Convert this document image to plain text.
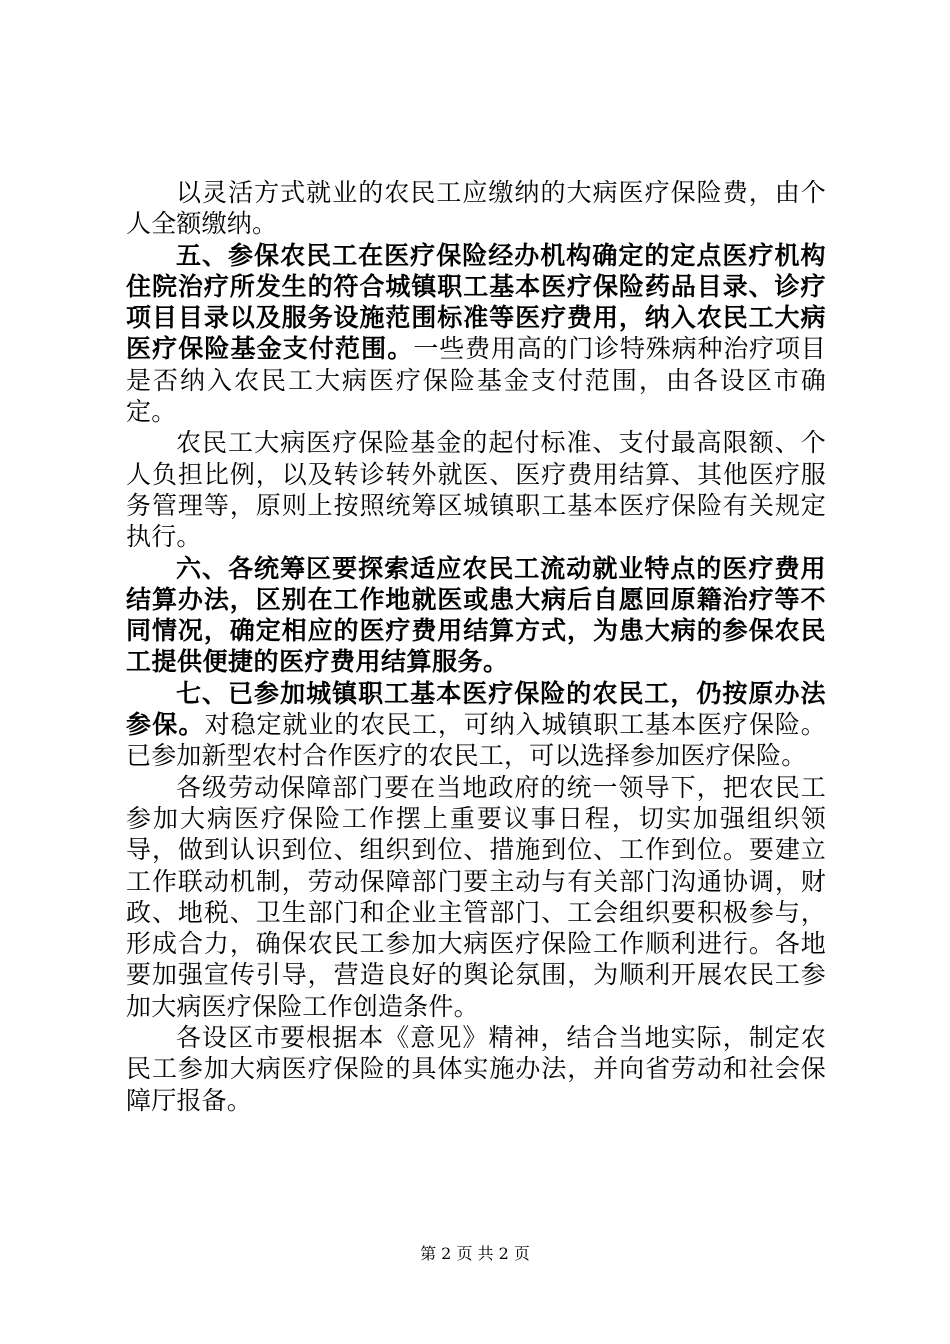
以灵活方式就业的农民工应缴纳的大病医疗保险费，由个人全额缴纳。

五、参保农民工在医疗保险经办机构确定的定点医疗机构住院治疗所发生的符合城镇职工基本医疗保险药品目录、诊疗项目目录以及服务设施范围标准等医疗费用，纳入农民工大病医疗保险基金支付范围。一些费用高的门诊特殊病种治疗项目是否纳入农民工大病医疗保险基金支付范围，由各设区市确定。

农民工大病医疗保险基金的起付标准、支付最高限额、个人负担比例，以及转诊转外就医、医疗费用结算、其他医疗服务管理等，原则上按照统筹区城镇职工基本医疗保险有关规定执行。

六、各统筹区要探索适应农民工流动就业特点的医疗费用结算办法，区别在工作地就医或患大病后自愿回原籍治疗等不同情况，确定相应的医疗费用结算方式，为患大病的参保农民工提供便捷的医疗费用结算服务。

七、已参加城镇职工基本医疗保险的农民工，仍按原办法参保。对稳定就业的农民工，可纳入城镇职工基本医疗保险。已参加新型农村合作医疗的农民工，可以选择参加医疗保险。

各级劳动保障部门要在当地政府的统一领导下，把农民工参加大病医疗保险工作摆上重要议事日程，切实加强组织领导，做到认识到位、组织到位、措施到位、工作到位。要建立工作联动机制，劳动保障部门要主动与有关部门沟通协调，财政、地税、卫生部门和企业主管部门、工会组织要积极参与，形成合力，确保农民工参加大病医疗保险工作顺利进行。各地要加强宣传引导，营造良好的舆论氛围，为顺利开展农民工参加大病医疗保险工作创造条件。

各设区市要根据本《意见》精神，结合当地实际，制定农民工参加大病医疗保险的具体实施办法，并向省劳动和社会保障厅报备。

第 2 页 共 2 页
